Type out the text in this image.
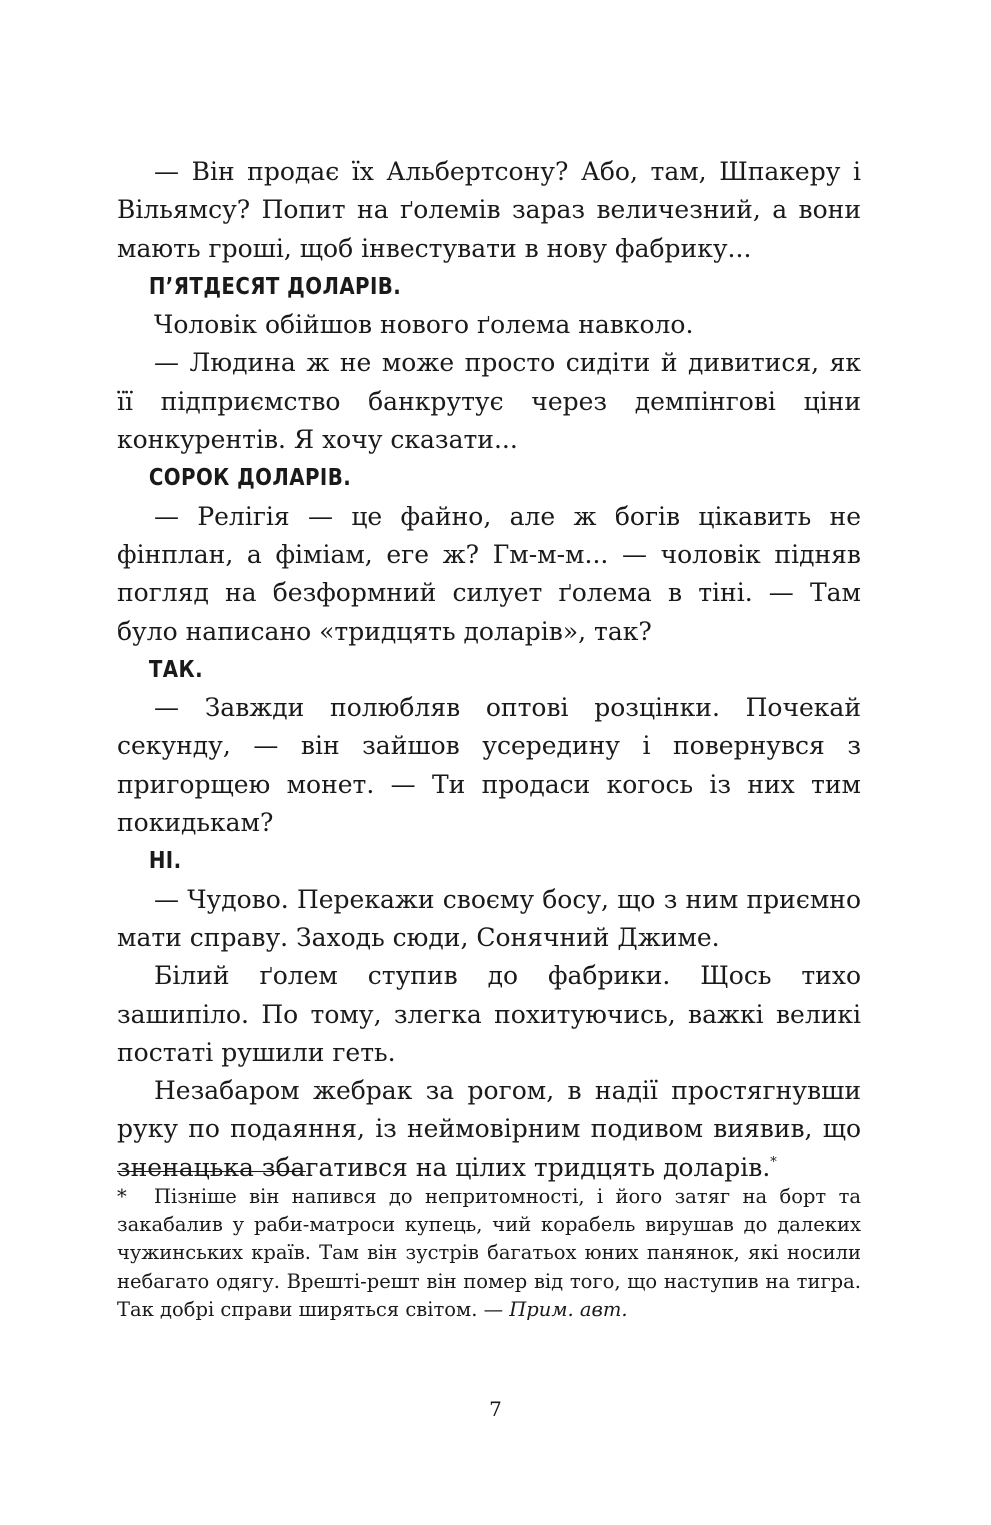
— Він продає їх Альбертсону? Або, там, Шпакеру і Вільямсу? Попит на ґолемів зараз величезний, а вони мають гроші, щоб інвестувати в нову фабрику...

П’ЯТДЕСЯТ ДОЛАРІВ.

Чоловік обійшов нового ґолема навколо.

— Людина ж не може просто сидіти й дивитися, як її підприємство банкрутує через демпінгові ціни конкурентів. Я хочу сказати...

СОРОК ДОЛАРІВ.

— Релігія — це файно, але ж богів цікавить не фінплан, а фіміам, еге ж? Гм-м-м... — чоловік підняв погляд на безформний силует ґолема в тіні. — Там було написано «тридцять доларів», так?

ТАК.

— Завжди полюбляв оптові розцінки. Почекай секунду, — він зайшов усередину і повернувся з пригорщею монет. — Ти продаси когось із них тим покидькам?

НІ.

— Чудово. Перекажи своєму босу, що з ним приємно мати справу. Заходь сюди, Сонячний Джиме.

Білий ґолем ступив до фабрики. Щось тихо зашипіло. По тому, злегка похитуючись, важкі великі постаті рушили геть.

Незабаром жебрак за рогом, в надії простягнувши руку по подаяння, із неймовірним подивом виявив, що зненацька збагатився на цілих тридцять доларів.*

* Пізніше він напився до непритомності, і його затяг на борт та закабалив у раби-матроси купець, чий корабель вирушав до далеких чужинських країв. Там він зустрів багатьох юних панянок, які носили небагато одягу. Врешті-решт він помер від того, що наступив на тигра. Так добрі справи ширяться світом. — Прим. авт.

7
